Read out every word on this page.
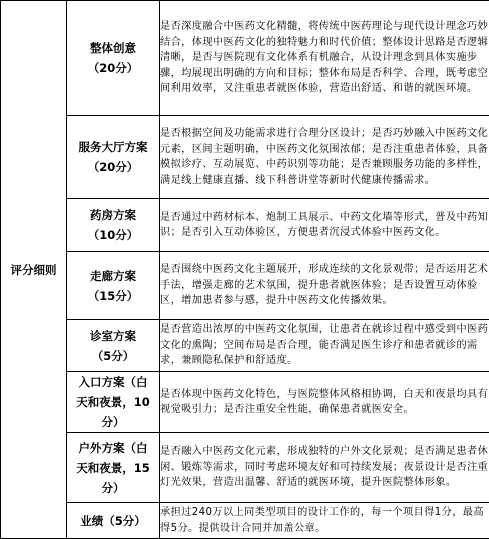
评分细则	整体创意
（20分）	是否深度融合中医药文化精髓，将传统中医药理论与现代设计理念巧妙结合，体现中医药文化的独特魅力和时代价值；整体设计思路是否逻辑清晰，是否与医院现有文化体系有机融合，从设计理念到具体实施步骤，均展现出明确的方向和目标；整体布局是否科学、合理，既考虑空间利用效率，又注重患者就医体验，营造出舒适、和谐的就医环境。

	服务大厅方案
（20分）	是否根据空间及功能需求进行合理分区设计；是否巧妙融入中医药文化元素，区间主题明确，中医药文化氛围浓郁；是否注重患者体验，具备模拟诊疗、互动展览、中药识别等功能；是否兼顾服务功能的多样性，满足线上健康直播、线下科普讲堂等新时代健康传播需求。

	药房方案
（10分）	是否通过中药材标本、炮制工具展示、中药文化墙等形式，普及中药知识；是否引入互动体验区，方便患者沉浸式体验中医药文化。

	走廊方案
（15分）	是否围绕中医药文化主题展开，形成连续的文化景观带；是否运用艺术手法，增强走廊的艺术氛围，提升患者就医体验；是否设置互动体验区，增加患者参与感，提升中医药文化传播效果。

	诊室方案
（5分）	是否营造出浓厚的中医药文化氛围，让患者在就诊过程中感受到中医药文化的熏陶；空间布局是否合理，能否满足医生诊疗和患者就诊的需求，兼顾隐私保护和舒适度。

	入口方案（白
天和夜景，10
分）	是否体现中医药文化特色，与医院整体风格相协调，白天和夜景均具有视觉吸引力；是否注重安全性能，确保患者就医安全。

	户外方案（白
天和夜景，15
分）	是否融入中医药文化元素，形成独特的户外文化景观；是否满足患者休闲、锻炼等需求，同时考虑环境友好和可持续发展；夜景设计是否注重灯光效果，营造出温馨、舒适的就医环境，提升医院整体形象。

	业绩（5分）	承担过240万以上同类型项目的设计工作的，每一个项目得1分，最高得5分。提供设计合同并加盖公章。
